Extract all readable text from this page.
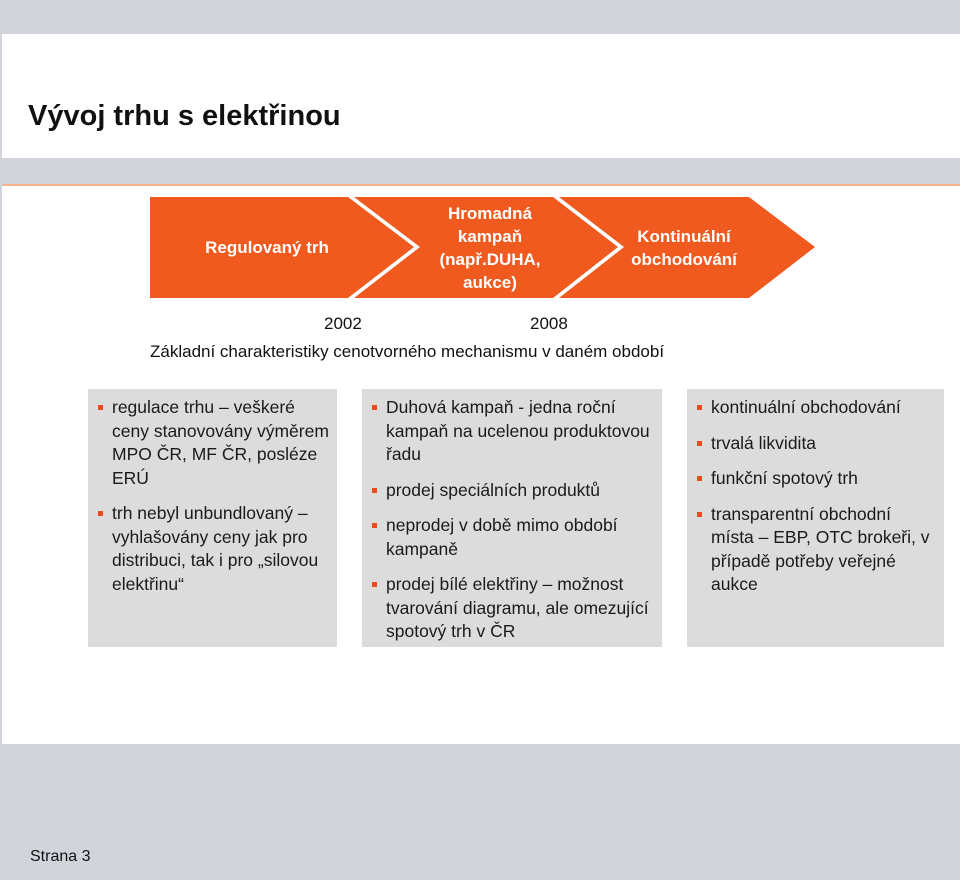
Vývoj trhu s elektřinou
Regulovaný trh
Hromadná kampaň (např.DUHA, aukce)
Kontinuální obchodování
2002	2008
Základní charakteristiky cenotvorného mechanismu v daném období
regulace trhu – veškeré ceny stanovovány výměrem MPO ČR, MF ČR, posléze ERÚ
trh nebyl unbundlovaný – vyhlašovány ceny jak pro distribuci, tak i pro „silovou elektřinu“
Duhová kampaň - jedna roční kampaň na ucelenou produktovou řadu
prodej speciálních produktů
neprodej v době mimo období kampaně
prodej bílé elektřiny – možnost tvarování diagramu, ale omezující spotový trh v ČR
kontinuální obchodování
trvalá likvidita
funkční spotový trh
transparentní obchodní místa – EBP, OTC brokeři, v případě potřeby veřejné aukce
Strana 3
